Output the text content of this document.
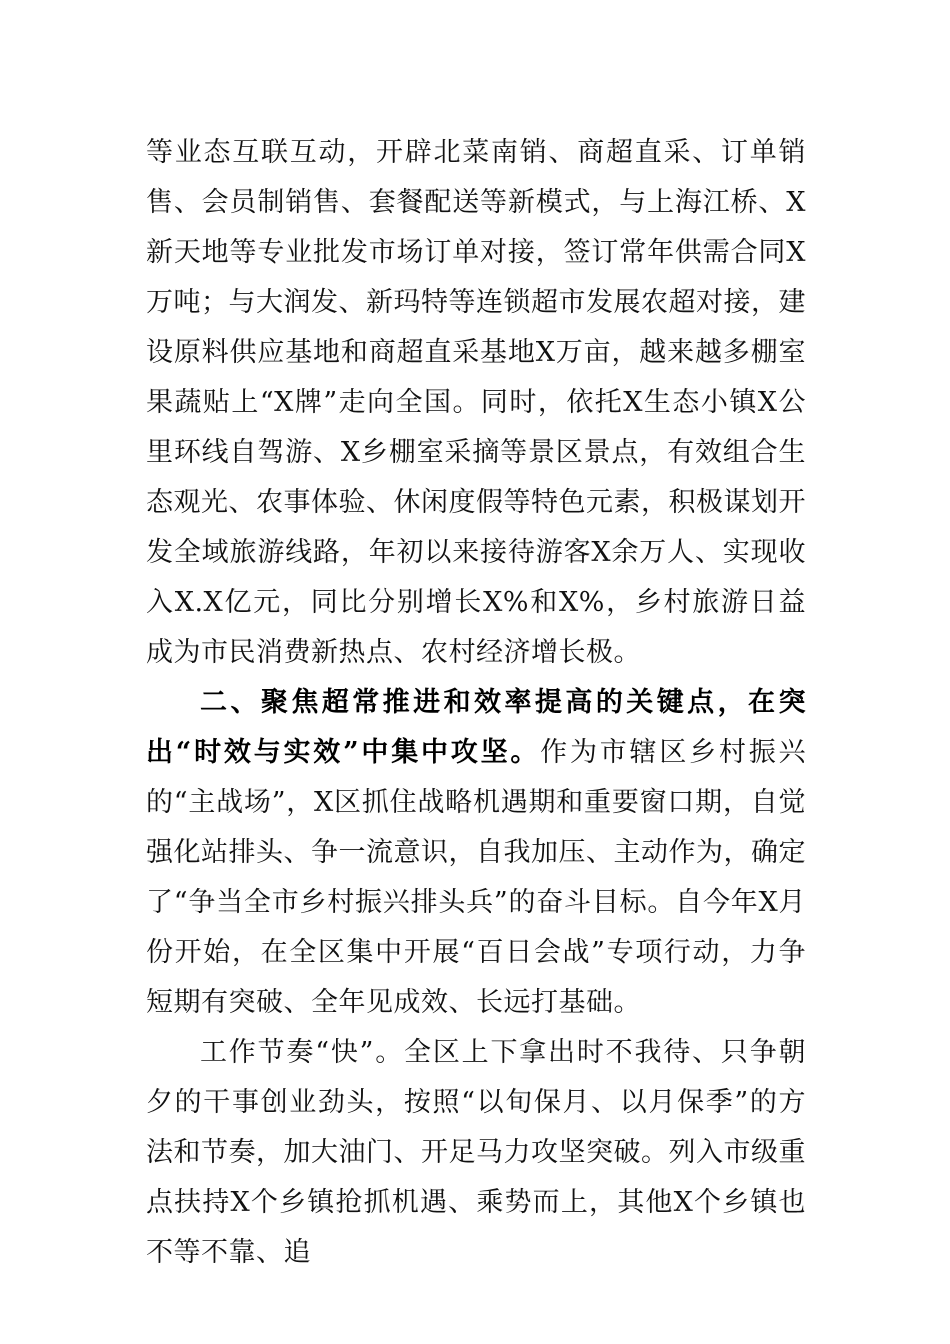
等业态互联互动，开辟北菜南销、商超直采、订单销售、会员制销售、套餐配送等新模式，与上海江桥、X新天地等专业批发市场订单对接，签订常年供需合同X万吨；与大润发、新玛特等连锁超市发展农超对接，建设原料供应基地和商超直采基地X万亩，越来越多棚室果蔬贴上“X牌”走向全国。同时，依托X生态小镇X公里环线自驾游、X乡棚室采摘等景区景点，有效组合生态观光、农事体验、休闲度假等特色元素，积极谋划开发全域旅游线路，年初以来接待游客X余万人、实现收入X.X亿元，同比分别增长X%和X%，乡村旅游日益成为市民消费新热点、农村经济增长极。

二、聚焦超常推进和效率提高的关键点，在突出“时效与实效”中集中攻坚。作为市辖区乡村振兴的“主战场”，X区抓住战略机遇期和重要窗口期，自觉强化站排头、争一流意识，自我加压、主动作为，确定了“争当全市乡村振兴排头兵”的奋斗目标。自今年X月份开始，在全区集中开展“百日会战”专项行动，力争短期有突破、全年见成效、长远打基础。

工作节奏“快”。全区上下拿出时不我待、只争朝夕的干事创业劲头，按照“以旬保月、以月保季”的方法和节奏，加大油门、开足马力攻坚突破。列入市级重点扶持X个乡镇抢抓机遇、乘势而上，其他X个乡镇也不等不靠、追
